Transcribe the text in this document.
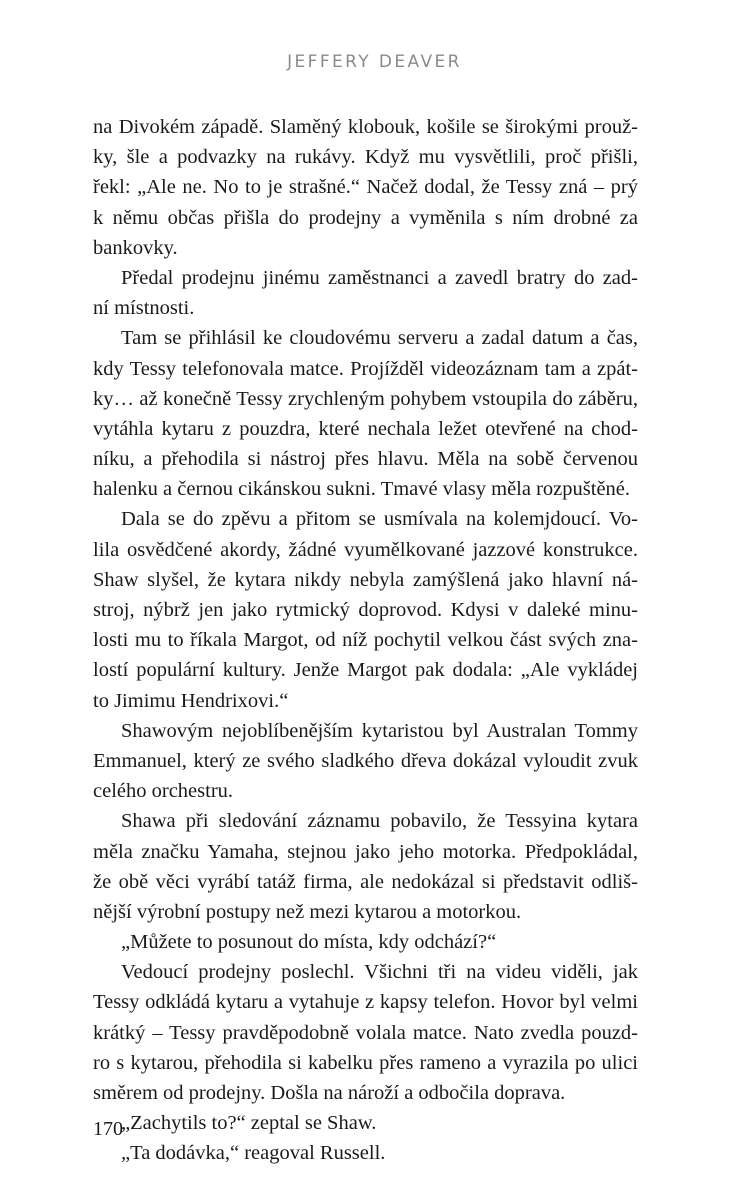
JEFFERY DEAVER
na Divokém západě. Slaměný klobouk, košile se širokými prouž-
ky, šle a podvazky na rukávy. Když mu vysvětlili, proč přišli,
řekl: „Ale ne. No to je strašné.“ Načež dodal, že Tessy zná – prý
k němu občas přišla do prodejny a vyměnila s ním drobné za
bankovky.
Předal prodejnu jinému zaměstnanci a zavedl bratry do zad-
ní místnosti.
Tam se přihlásil ke cloudovému serveru a zadal datum a čas,
kdy Tessy telefonovala matce. Projížděl videozáznam tam a zpát-
ky… až konečně Tessy zrychleným pohybem vstoupila do záběru,
vytáhla kytaru z pouzdra, které nechala ležet otevřené na chod-
níku, a přehodila si nástroj přes hlavu. Měla na sobě červenou
halenku a černou cikánskou sukni. Tmavé vlasy měla rozpuštěné.
Dala se do zpěvu a přitom se usmívala na kolemjdoucí. Vo-
lila osvědčené akordy, žádné vyumělkované jazzové konstrukce.
Shaw slyšel, že kytara nikdy nebyla zamýšlená jako hlavní ná-
stroj, nýbrž jen jako rytmický doprovod. Kdysi v daleké minu-
losti mu to říkala Margot, od níž pochytil velkou část svých zna-
lostí populární kultury. Jenže Margot pak dodala: „Ale vykládej
to Jimimu Hendrixovi.“
Shawovým nejoblíbenějším kytaristou byl Australan Tommy
Emmanuel, který ze svého sladkého dřeva dokázal vyloudit zvuk
celého orchestru.
Shawa při sledování záznamu pobavilo, že Tessyina kytara
měla značku Yamaha, stejnou jako jeho motorka. Předpokládal,
že obě věci vyrábí tatáž firma, ale nedokázal si představit odliš-
nější výrobní postupy než mezi kytarou a motorkou.
„Můžete to posunout do místa, kdy odchází?“
Vedoucí prodejny poslechl. Všichni tři na videu viděli, jak
Tessy odkládá kytaru a vytahuje z kapsy telefon. Hovor byl velmi
krátký – Tessy pravděpodobně volala matce. Nato zvedla pouzd-
ro s kytarou, přehodila si kabelku přes rameno a vyrazila po ulici
směrem od prodejny. Došla na nároží a odbočila doprava.
„Zachytils to?“ zeptal se Shaw.
„Ta dodávka,“ reagoval Russell.
170
